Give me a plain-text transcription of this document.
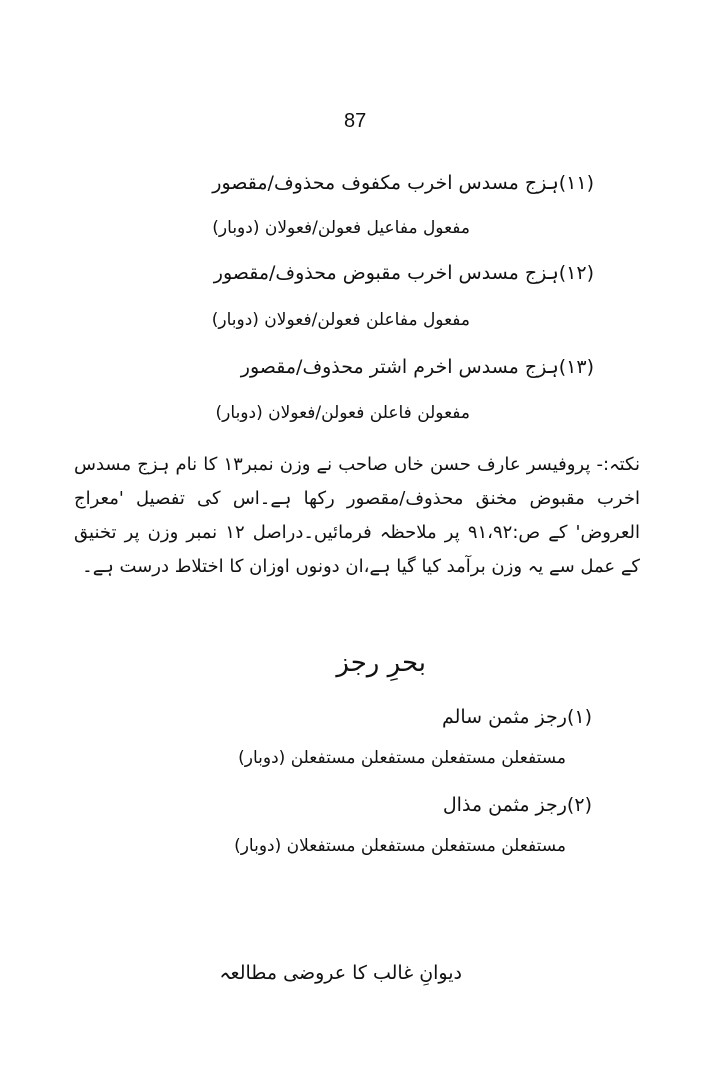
87
(۱۱)ہزج مسدس اخرب مکفوف محذوف/مقصور
مفعول مفاعیل فعولن/فعولان (دوبار)
(۱۲)ہزج مسدس اخرب مقبوض محذوف/مقصور
مفعول مفاعلن فعولن/فعولان (دوبار)
(۱۳)ہزج مسدس اخرم اشتر محذوف/مقصور
مفعولن فاعلن فعولن/فعولان (دوبار)
نکتہ:- پروفیسر عارف حسن خاں صاحب نے وزن نمبر۱۳ کا نام ہزج مسدس اخرب مقبوض مخنق محذوف/مقصور رکھا ہے۔اس کی تفصیل 'معراج العروض' کے ص:۹۱،۹۲ پر ملاحظہ فرمائیں۔دراصل ۱۲ نمبر وزن پر تخنیق کے عمل سے یہ وزن برآمد کیا گیا ہے،ان دونوں اوزان کا اختلاط درست ہے۔
بحرِ رجز
(۱)رجز مثمن سالم
مستفعلن مستفعلن مستفعلن مستفعلن (دوبار)
(۲)رجز مثمن مذال
مستفعلن مستفعلن مستفعلن مستفعلان (دوبار)
دیوانِ غالب کا عروضی مطالعہ
